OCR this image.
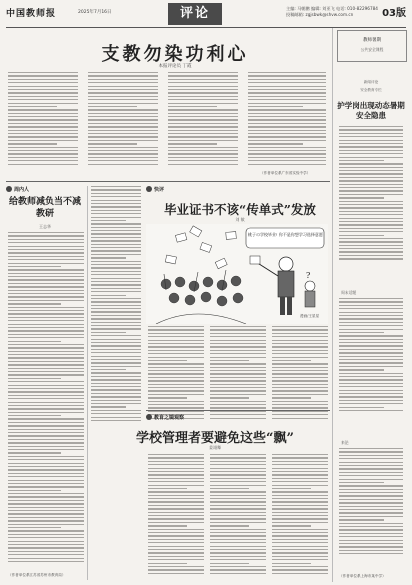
中国教师报	2025年7月16日	评论	主编: 马朝鹏 编辑: 刘亚飞 电话: 010-82296784
投稿邮箱: zgjsbwk@shvw.com.cn	03版
支教勿染功利心
本报评论员 丁霞
（作者单位系广东省实验中学）
教师暑期
公共安全课程
新闻评论
安全教育专栏
护学岗出现动态暑期安全隐患
周末话题
来论
（作者单位系上海市某中学）
周内人
给教师减负当不减教研
王志华
（作者单位系江苏省苏州市教育局）
快评
毕业证书不该“传单式”发放
刘 敏
桃子の学校毕业! 你不是你想学习选择意愿
?
漫画/王星星
教育之镜观察
学校管理者要避免这些“飘”
姜翊舞
